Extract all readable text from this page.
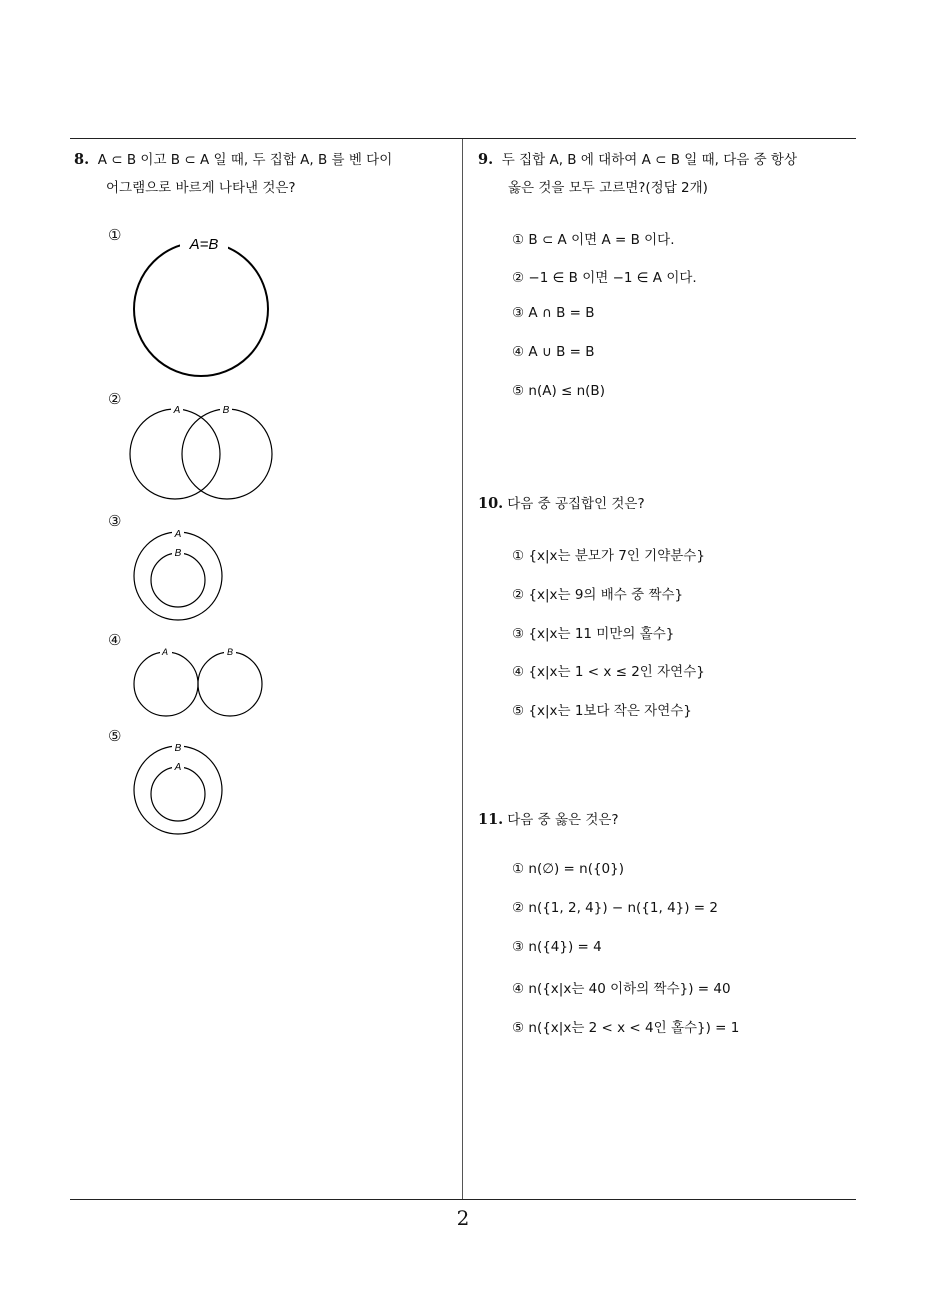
8. A ⊂ B 이고 B ⊂ A 일 때, 두 집합 A, B 를 벤 다이
어그램으로 바르게 나타낸 것은?
①
②
③
④
⑤
A=B
A	B
A
B
A	B
B
A
9. 두 집합 A, B 에 대하여 A ⊂ B 일 때, 다음 중 항상
옳은 것을 모두 고르면?(정답 2개)
① B ⊂ A 이면 A = B 이다.
② −1 ∈ B 이면 −1 ∈ A 이다.
③ A ∩ B = B
④ A ∪ B = B
⑤ n(A) ≤ n(B)
10. 다음 중 공집합인 것은?
① {x|x는 분모가 7인 기약분수}
② {x|x는 9의 배수 중 짝수}
③ {x|x는 11 미만의 홀수}
④ {x|x는 1 < x ≤ 2인 자연수}
⑤ {x|x는 1보다 작은 자연수}
11. 다음 중 옳은 것은?
① n(∅) = n({0})
② n({1, 2, 4}) − n({1, 4}) = 2
③ n({4}) = 4
④ n({x|x는 40 이하의 짝수}) = 40
⑤ n({x|x는 2 < x < 4인 홀수}) = 1
2
